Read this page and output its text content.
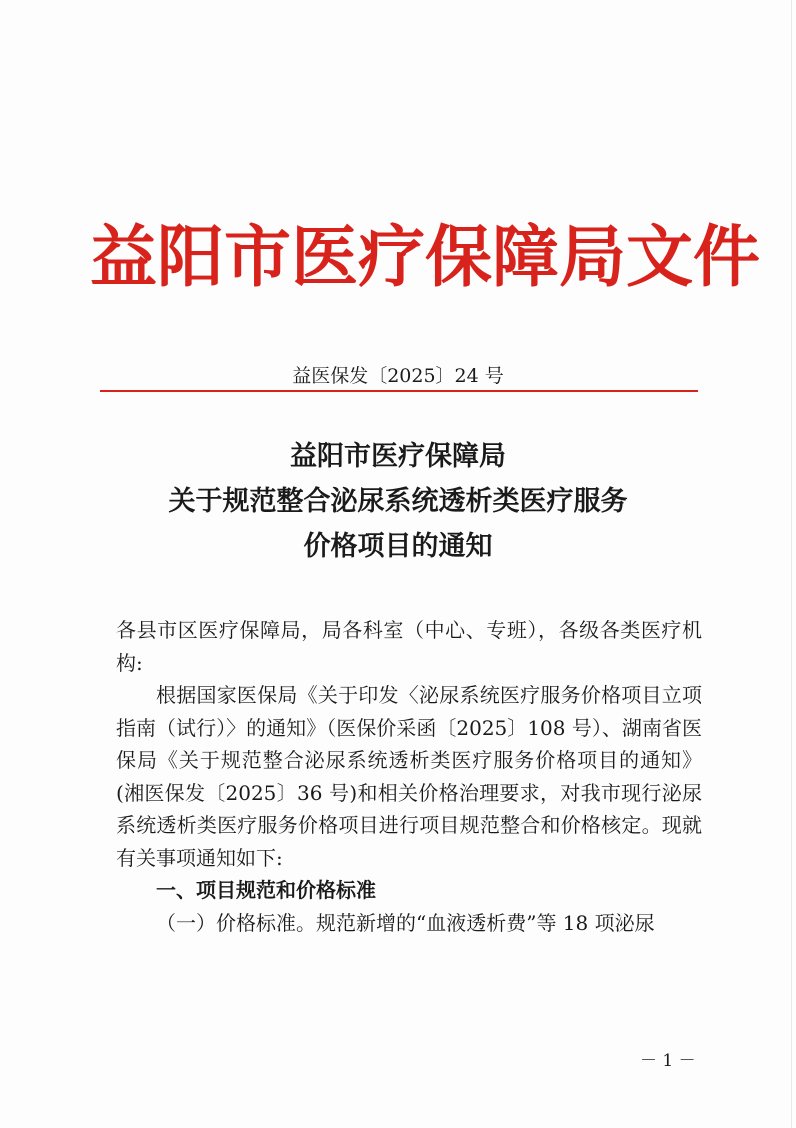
益阳市医疗保障局文件
益医保发〔2025〕24 号
益阳市医疗保障局
关于规范整合泌尿系统透析类医疗服务
价格项目的通知

各县市区医疗保障局，局各科室（中心、专班），各级各类医疗机构:

根据国家医保局《关于印发〈泌尿系统医疗服务价格项目立项指南（试行）〉的通知》（医保价采函〔2025〕108 号）、湖南省医保局《关于规范整合泌尿系统透析类医疗服务价格项目的通知》(湘医保发〔2025〕36 号)和相关价格治理要求，对我市现行泌尿系统透析类医疗服务价格项目进行项目规范整合和价格核定。现就有关事项通知如下:

一、项目规范和价格标准

（一）价格标准。规范新增的“血液透析费”等 18 项泌尿

－ 1 －
